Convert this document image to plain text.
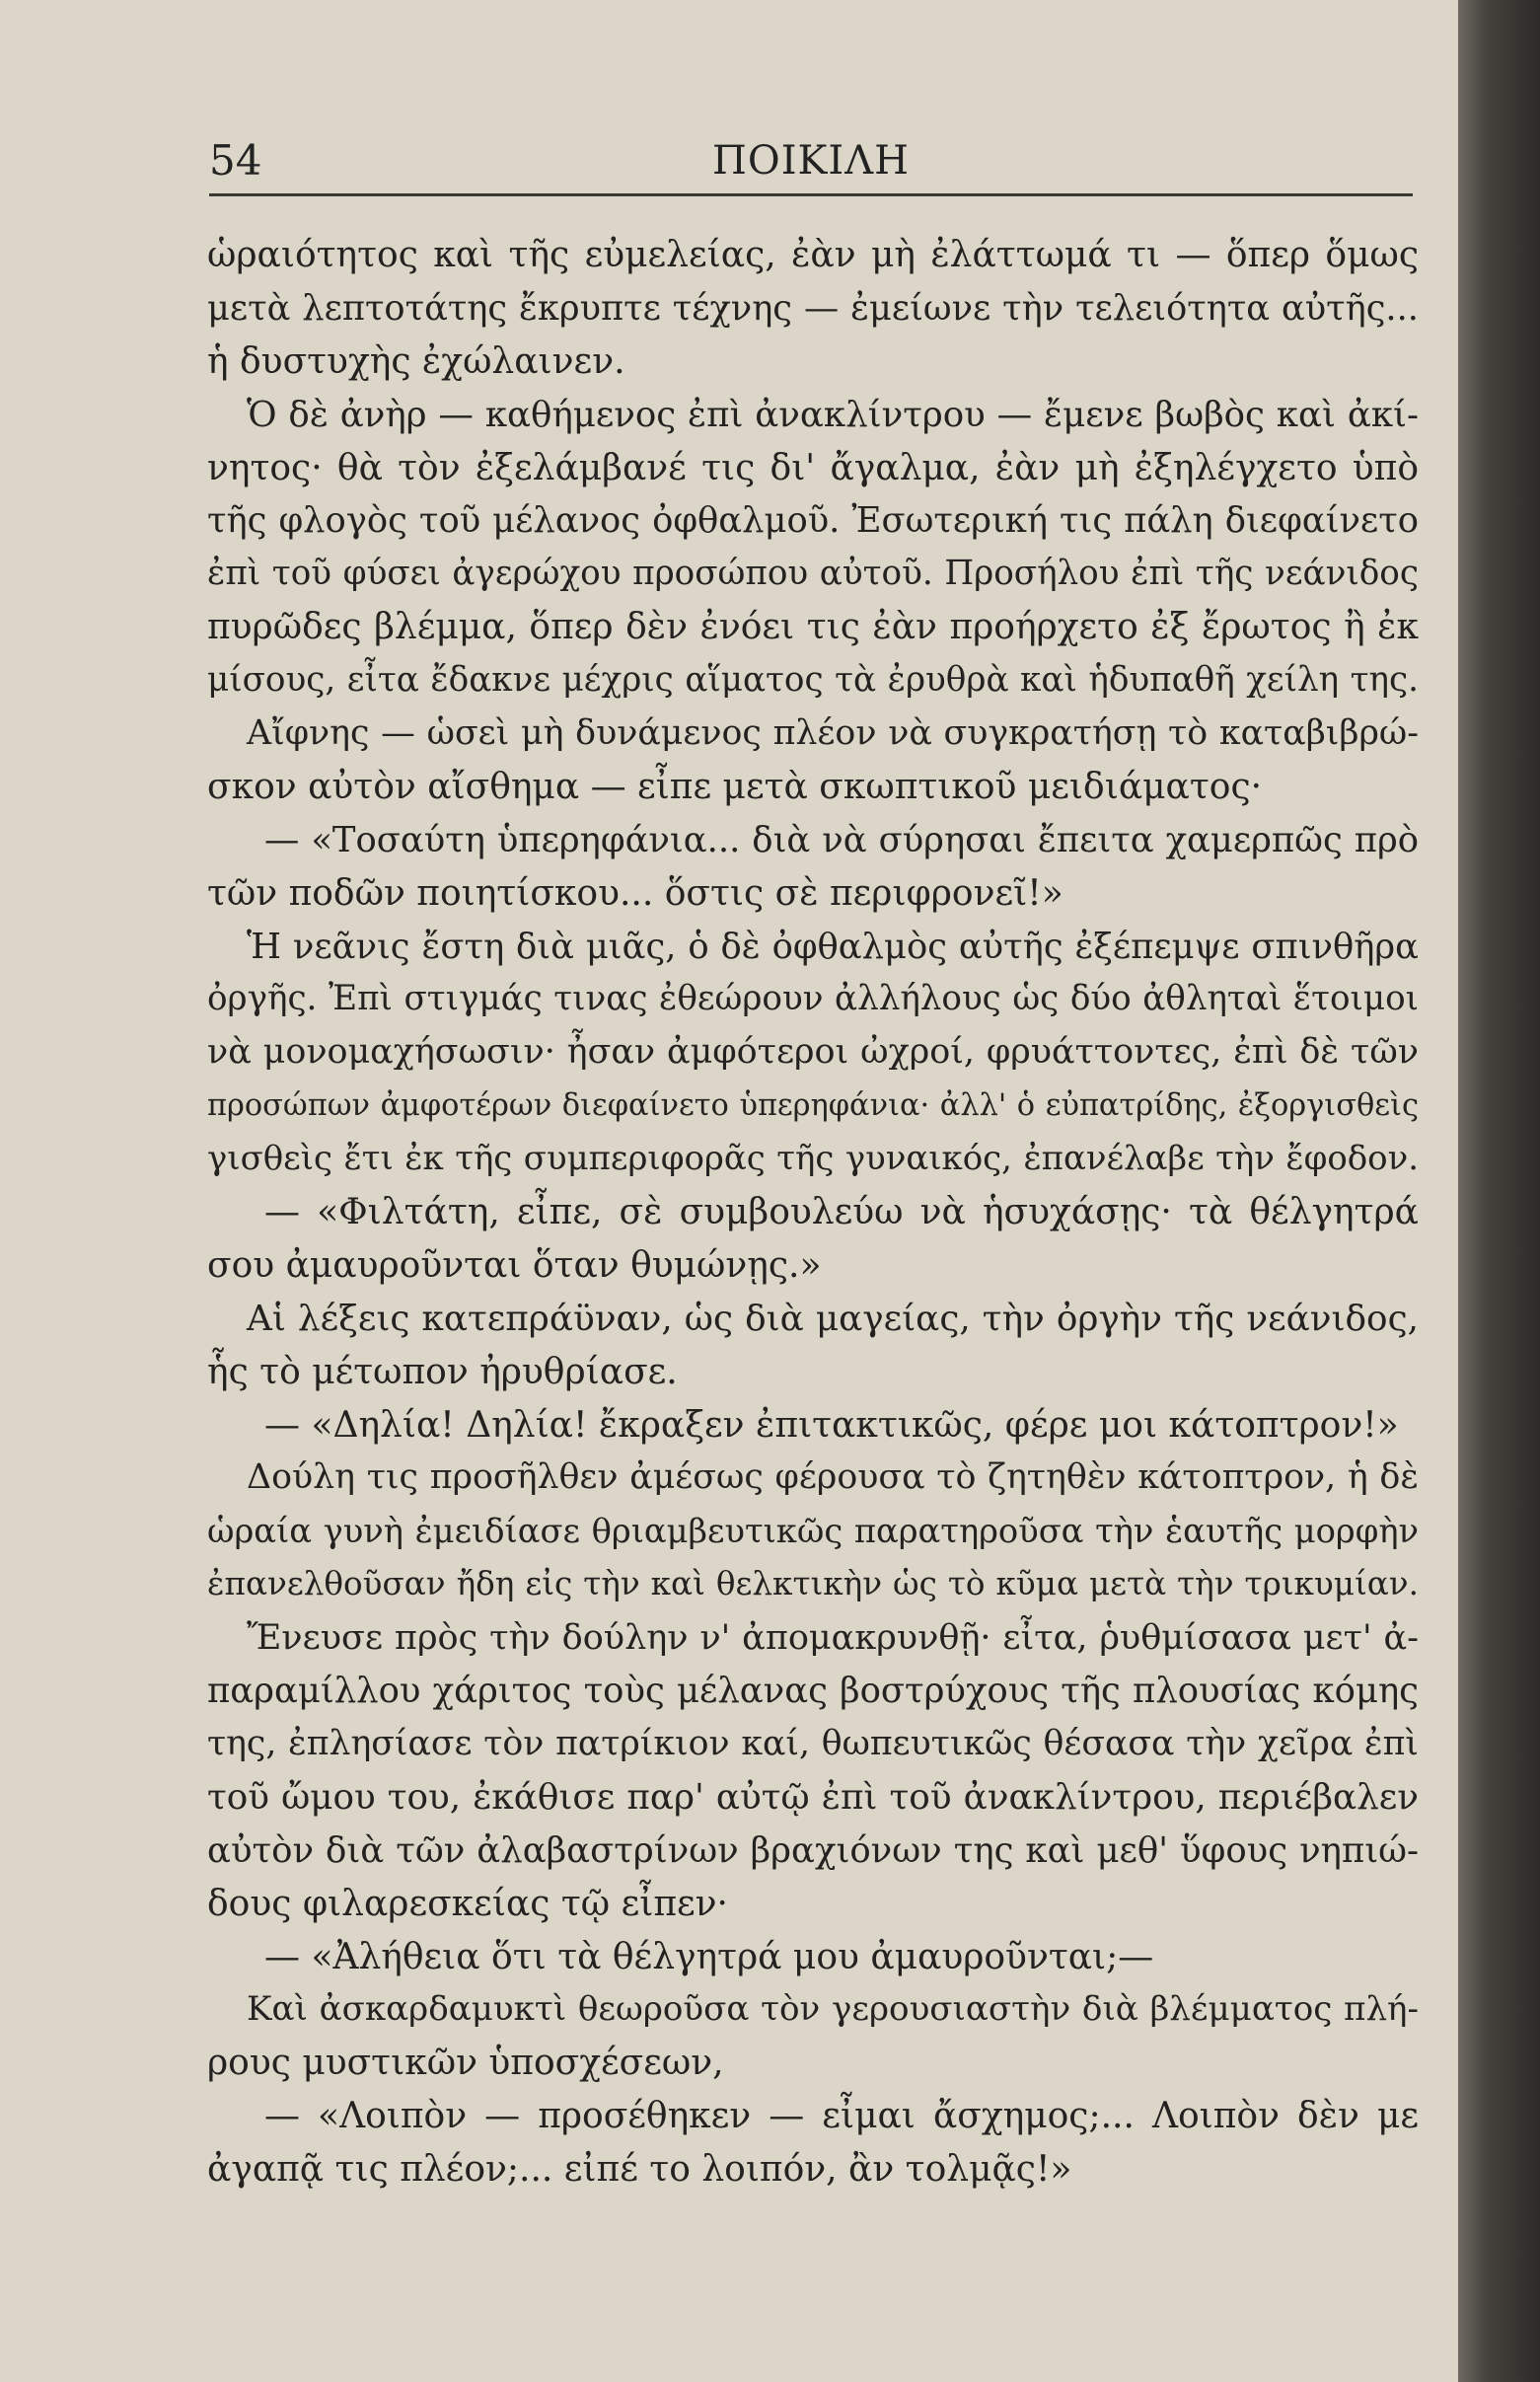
54	ΠΟΙΚΙΛΗ
ὡραιότητος καὶ τῆς εὐμελείας, ἐὰν μὴ ἐλάττωμά τι — ὅπερ ὅμως
μετὰ λεπτοτάτης ἔκρυπτε τέχνης — ἐμείωνε τὴν τελειότητα αὐτῆς...
ἡ δυστυχὴς ἐχώλαινεν.
Ὁ δὲ ἀνὴρ — καθήμενος ἐπὶ ἀνακλίντρου — ἔμενε βωβὸς καὶ ἀκί-
νητος· θὰ τὸν ἐξελάμβανέ τις δι' ἄγαλμα, ἐὰν μὴ ἐξηλέγχετο ὑπὸ
τῆς φλογὸς τοῦ μέλανος ὀφθαλμοῦ. Ἐσωτερική τις πάλη διεφαίνετο
ἐπὶ τοῦ φύσει ἀγερώχου προσώπου αὐτοῦ. Προσήλου ἐπὶ τῆς νεάνιδος
πυρῶδες βλέμμα, ὅπερ δὲν ἐνόει τις ἐὰν προήρχετο ἐξ ἔρωτος ἢ ἐκ
μίσους, εἶτα ἔδακνε μέχρις αἵματος τὰ ἐρυθρὰ καὶ ἡδυπαθῆ χείλη της.
Αἴφνης — ὡσεὶ μὴ δυνάμενος πλέον νὰ συγκρατήσῃ τὸ καταβιβρώ-
σκον αὐτὸν αἴσθημα — εἶπε μετὰ σκωπτικοῦ μειδιάματος·
— «Τοσαύτη ὑπερηφάνια... διὰ νὰ σύρησαι ἔπειτα χαμερπῶς πρὸ
τῶν ποδῶν ποιητίσκου... ὅστις σὲ περιφρονεῖ!»
Ἡ νεᾶνις ἔστη διὰ μιᾶς, ὁ δὲ ὀφθαλμὸς αὐτῆς ἐξέπεμψε σπινθῆρα
ὀργῆς. Ἐπὶ στιγμάς τινας ἐθεώρουν ἀλλήλους ὡς δύο ἀθληταὶ ἕτοιμοι
νὰ μονομαχήσωσιν· ἦσαν ἀμφότεροι ὠχροί, φρυάττοντες, ἐπὶ δὲ τῶν
προσώπων ἀμφοτέρων διεφαίνετο ὑπερηφάνια· ἀλλ' ὁ εὐπατρίδης, ἐξοργισθεὶς
γισθεὶς ἔτι ἐκ τῆς συμπεριφορᾶς τῆς γυναικός, ἐπανέλαβε τὴν ἔφοδον.
— «Φιλτάτη, εἶπε, σὲ συμβουλεύω νὰ ἡσυχάσῃς· τὰ θέλγητρά
σου ἀμαυροῦνται ὅταν θυμώνῃς.»
Αἱ λέξεις κατεπράϋναν, ὡς διὰ μαγείας, τὴν ὀργὴν τῆς νεάνιδος,
ἧς τὸ μέτωπον ἠρυθρίασε.
— «Δηλία! Δηλία! ἔκραξεν ἐπιτακτικῶς, φέρε μοι κάτοπτρον!»
Δούλη τις προσῆλθεν ἀμέσως φέρουσα τὸ ζητηθὲν κάτοπτρον, ἡ δὲ
ὡραία γυνὴ ἐμειδίασε θριαμβευτικῶς παρατηροῦσα τὴν ἑαυτῆς μορφὴν
ἐπανελθοῦσαν ἤδη εἰς τὴν καὶ θελκτικὴν ὡς τὸ κῦμα μετὰ τὴν τρικυμίαν.
Ἔνευσε πρὸς τὴν δούλην ν' ἀπομακρυνθῇ· εἶτα, ῥυθμίσασα μετ' ἀ-
παραμίλλου χάριτος τοὺς μέλανας βοστρύχους τῆς πλουσίας κόμης
της, ἐπλησίασε τὸν πατρίκιον καί, θωπευτικῶς θέσασα τὴν χεῖρα ἐπὶ
τοῦ ὤμου του, ἐκάθισε παρ' αὐτῷ ἐπὶ τοῦ ἀνακλίντρου, περιέβαλεν
αὐτὸν διὰ τῶν ἀλαβαστρίνων βραχιόνων της καὶ μεθ' ὕφους νηπιώ-
δους φιλαρεσκείας τῷ εἶπεν·
— «Ἀλήθεια ὅτι τὰ θέλγητρά μου ἀμαυροῦνται;—
Καὶ ἀσκαρδαμυκτὶ θεωροῦσα τὸν γερουσιαστὴν διὰ βλέμματος πλή-
ρους μυστικῶν ὑποσχέσεων,
— «Λοιπὸν — προσέθηκεν — εἶμαι ἄσχημος;... Λοιπὸν δὲν με
ἀγαπᾷ τις πλέον;... εἰπέ το λοιπόν, ἂν τολμᾷς!»
